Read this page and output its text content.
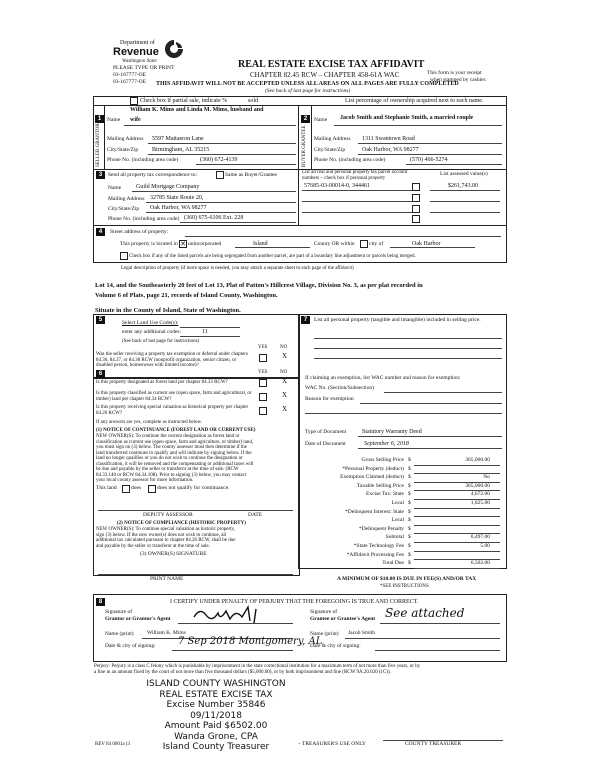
Department of
Revenue
Washington State
PLEASE TYPE OR PRINT
03-167777-OE
03-167777-OE
REAL ESTATE EXCISE TAX AFFIDAVIT
CHAPTER 82.45 RCW – CHAPTER 458-61A WAC
THIS AFFIDAVIT WILL NOT BE ACCEPTED UNLESS ALL AREAS ON ALL PAGES ARE FULLY COMPLETED
(See back of last page for instructions)
This form is your receipt
when stamped by cashier.
Check box if partial sale, indicate %	sold	List percentage of ownership acquired next to each name.
1
SELLER GRANTOR
Name
William K. Mims and Linda M. Mims, husband and
wife
Mailing Address 5597 Mattaeron Lane
City/State/Zip Birmingham, AL 35215
Phone No. (including area code)	(360) 672-4139
2
BUYER GRANTEE
Name Jacob Smith and Stephanie Smith, a married couple
Mailing Address 1311 Swantown Road
City/State/Zip	Oak Harbor, WA 98277
Phone No. (including area code)	(570) 466-5274
3	Send all property tax correspondence to:	Same as Buyer/Grantee
Name Guild Mortgage Company
Mailing Address 32785 State Route 20,
City/State/Zip Oak Harbor, WA 98277
Phone No. (including area code) (360) 675-6106 Ext. 228
List all real and personal property tax parcel account numbers – check box if personal property
List assessed value(s)
57685-03-00014-0, 344461	$261,743.00
4	Street address of property:
This property is located in ✕ unincorporated	Island	County OR within	city of	Oak Harbor
Check box if any of the listed parcels are being segregated from another parcel, are part of a boundary line adjustment or parcels being merged.
Legal description of property (if more space is needed, you may attach a separate sheet to each page of the affidavit)
Lot 14, and the Southeasterly 20 feet of Lot 13, Plat of Patton's Hillcrest Village, Division No. 3, as per plat recorded in
Volume 6 of Plats, page 21, records of Island County, Washington.
Situate in the County of Island, State of Washington.
5	Select Land Use Code(s):
enter any additional codes:	11
(See back of last page for instructions)
YES	NO
Was the seller receiving a property tax exemption or deferral under chapters 84.36, 84.37, or 84.38 RCW (nonprofit organization, senior citizen, or disabled person, homeowner with limited income)?
X
6	YES	NO
Is this property designated as forest land per chapter 84.33 RCW?	X
Is this property classified as current use (open space, farm and agricultural, or timber) land per chapter 84.34 RCW?	X
Is this property receiving special valuation as historical property per chapter 84.26 RCW?	X
If any answers are yes, complete as instructed below.
(1) NOTICE OF CONTINUANCE (FOREST LAND OR CURRENT USE)
NEW OWNER(S): To continue the current designation as forest land or
classification as current use (open space, farm and agriculture, or timber) land,
you must sign on (3) below. The county assessor must then determine if the
land transferred continues to qualify and will indicate by signing below. If the
land no longer qualifies or you do not wish to continue the designation or
classification, it will be removed and the compensating or additional taxes will
be due and payable by the seller or transferor at the time of sale. (RCW
84.33.140 or RCW 84.34.108). Prior to signing (3) below, you may contact
your local county assessor for more information.
This land	does	does not qualify for continuance.
DEPUTY ASSESSOR	DATE
(2) NOTICE OF COMPLIANCE (HISTORIC PROPERTY)
NEW OWNER(S): To continue special valuation as historic property,
sign (3) below. If the new owner(s) does not wish to continue, all
additional tax calculated pursuant to chapter 84.26 RCW, shall be due
and payable by the seller or transferor at the time of sale.
(3) OWNER(S) SIGNATURE
PRINT NAME
7	List all personal property (tangible and intangible) included in selling price.
If claiming an exemption, list WAC number and reason for exemption:
WAC No. (Section/Subsection)
Reason for exemption
Type of Document	Statutory Warranty Deed
Date of Document	September 6, 2018
Gross Selling Price $	365,000.00
*Personal Property (deduct) $
Exemption Claimed (deduct) $	No
Taxable Selling Price $	365,000.00
Excise Tax: State $	4,672.00
Local $	1,825.00
*Delinquent Interest: State $
Local $
*Delinquent Penalty $
Subtotal $	6,497.00
*State Technology Fee $	5.00
*Affidavit Processing Fee $
Total Due $	6,502.00
A MINIMUM OF $10.00 IS DUE IN FEE(S) AND/OR TAX
*SEE INSTRUCTIONS
8	I CERTIFY UNDER PENALTY OF PERJURY THAT THE FOREGOING IS TRUE AND CORRECT.
Signature of
Grantor or Grantor's Agent
Signature of
Grantee or Grantee's Agent See attached
Name (print) William K. Mims	Name (print) Jacob Smith
Date & city of signing: 7 Sep 2018 Montgomery, AL
Date & city of signing:
Perjury: Perjury is a class C felony which is punishable by imprisonment in the state correctional institution for a maximum term of not more than five years, or by
a fine in an amount fixed by the court of not more than five thousand dollars ($5,000.00), or by both imprisonment and fine (RCW 9A.20.020 (1C)).
ISLAND COUNTY WASHINGTON
REAL ESTATE EXCISE TAX
Excise Number 35846
09/11/2018
Amount Paid $6502.00
Wanda Grone, CPA
Island County Treasurer
REV 84 0001a (3	– TREASURER'S USE ONLY	COUNTY TREASURER
